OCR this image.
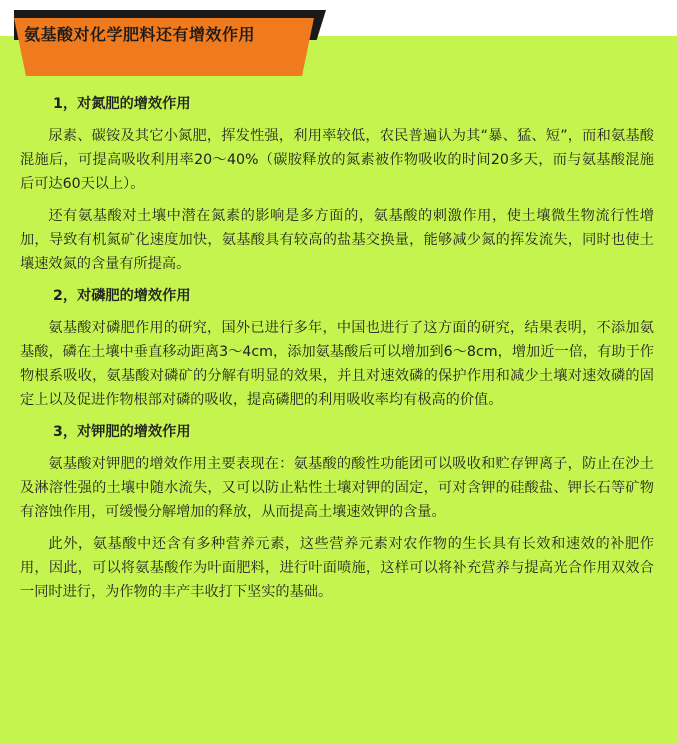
氨基酸对化学肥料还有增效作用
1，对氮肥的增效作用

尿素、碳铵及其它小氮肥，挥发性强，利用率较低，农民普遍认为其“暴、猛、短”，而和氨基酸混施后，可提高吸收利用率20～40%（碳胺释放的氮素被作物吸收的时间20多天，而与氨基酸混施后可达60天以上）。

还有氨基酸对土壤中潜在氮素的影响是多方面的，氨基酸的刺激作用，使土壤微生物流行性增加，导致有机氮矿化速度加快，氨基酸具有较高的盐基交换量，能够减少氮的挥发流失，同时也使土壤速效氮的含量有所提高。

2，对磷肥的增效作用

氨基酸对磷肥作用的研究，国外已进行多年，中国也进行了这方面的研究，结果表明，不添加氨基酸，磷在土壤中垂直移动距离3～4cm，添加氨基酸后可以增加到6～8cm，增加近一倍，有助于作物根系吸收，氨基酸对磷矿的分解有明显的效果，并且对速效磷的保护作用和减少土壤对速效磷的固定上以及促进作物根部对磷的吸收，提高磷肥的利用吸收率均有极高的价值。

3，对钾肥的增效作用

氨基酸对钾肥的增效作用主要表现在：氨基酸的酸性功能团可以吸收和贮存钾离子，防止在沙土及淋溶性强的土壤中随水流失，又可以防止粘性土壤对钾的固定，可对含钾的硅酸盐、钾长石等矿物有溶蚀作用，可缓慢分解增加的释放，从而提高土壤速效钾的含量。

此外，氨基酸中还含有多种营养元素，这些营养元素对农作物的生长具有长效和速效的补肥作用，因此，可以将氨基酸作为叶面肥料，进行叶面喷施，这样可以将补充营养与提高光合作用双效合一同时进行，为作物的丰产丰收打下坚实的基础。
